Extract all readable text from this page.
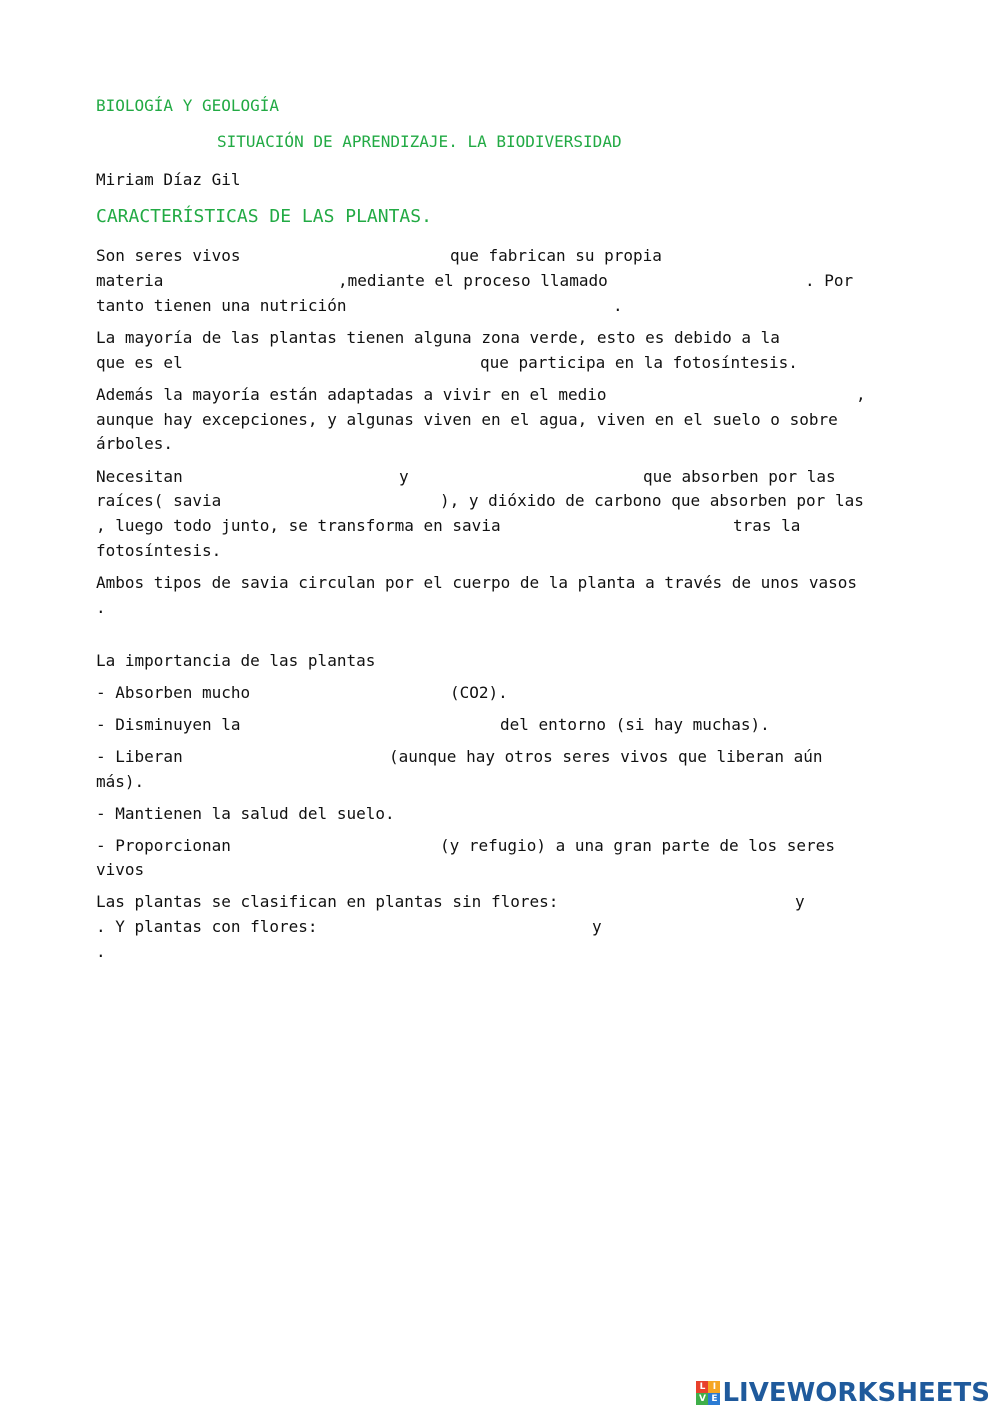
BIOLOGÍA Y GEOLOGÍA
SITUACIÓN DE APRENDIZAJE. LA BIODIVERSIDAD
Miriam Díaz Gil
CARACTERÍSTICAS DE LAS PLANTAS.
Son seres vivos	que fabrican su propia
materia	,mediante el proceso llamado	. Por
tanto tienen una nutrición	.
La mayoría de las plantas tienen alguna zona verde, esto es debido a la
que es el	que participa en la fotosíntesis.
Además la mayoría están adaptadas a vivir en el medio	,
aunque hay excepciones, y algunas viven en el agua, viven en el suelo o sobre
árboles.
Necesitan	y	que absorben por las
raíces( savia	), y dióxido de carbono que absorben por las
, luego todo junto, se transforma en savia	tras la
fotosíntesis.
Ambos tipos de savia circulan por el cuerpo de la planta a través de unos vasos
.
La importancia de las plantas
- Absorben mucho	(CO2).
- Disminuyen la	del entorno (si hay muchas).
- Liberan	(aunque hay otros seres vivos que liberan aún
más).
- Mantienen la salud del suelo.
- Proporcionan	(y refugio) a una gran parte de los seres
vivos
Las plantas se clasifican en plantas sin flores:	y
. Y plantas con flores:	y
.
L I
V E LIVEWORKSHEETS
